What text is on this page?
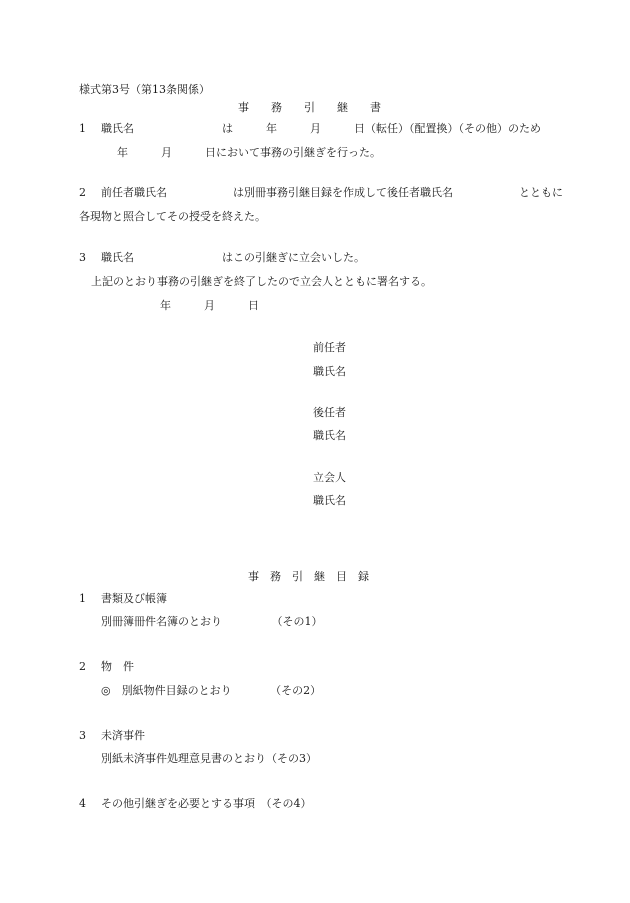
様式第3号（第13条関係）
事　　務　　引　　継　　書
1 職氏名　　　　　　　　は　　　年　　　月　　　日（転任）（配置換）（その他）のため
年　　　月　　　日において事務の引継ぎを行った。
2 前任者職氏名　　　　　　は別冊事務引継目録を作成して後任者職氏名　　　　　　とともに
各現物と照合してその授受を終えた。
3 職氏名　　　　　　　　はこの引継ぎに立会いした。
上記のとおり事務の引継ぎを終了したので立会人とともに署名する。
年　　　月　　　日
前任者
職氏名
後任者
職氏名
立会人
職氏名
事　務　引　継　目　録
1 書類及び帳簿
別冊簿冊件名簿のとおり　　　　　（その1）
2 物　件
◎　別紙物件目録のとおり　　　　（その2）
3 未済事件
別紙未済事件処理意見書のとおり（その3）
4 その他引継ぎを必要とする事項　（その4）
